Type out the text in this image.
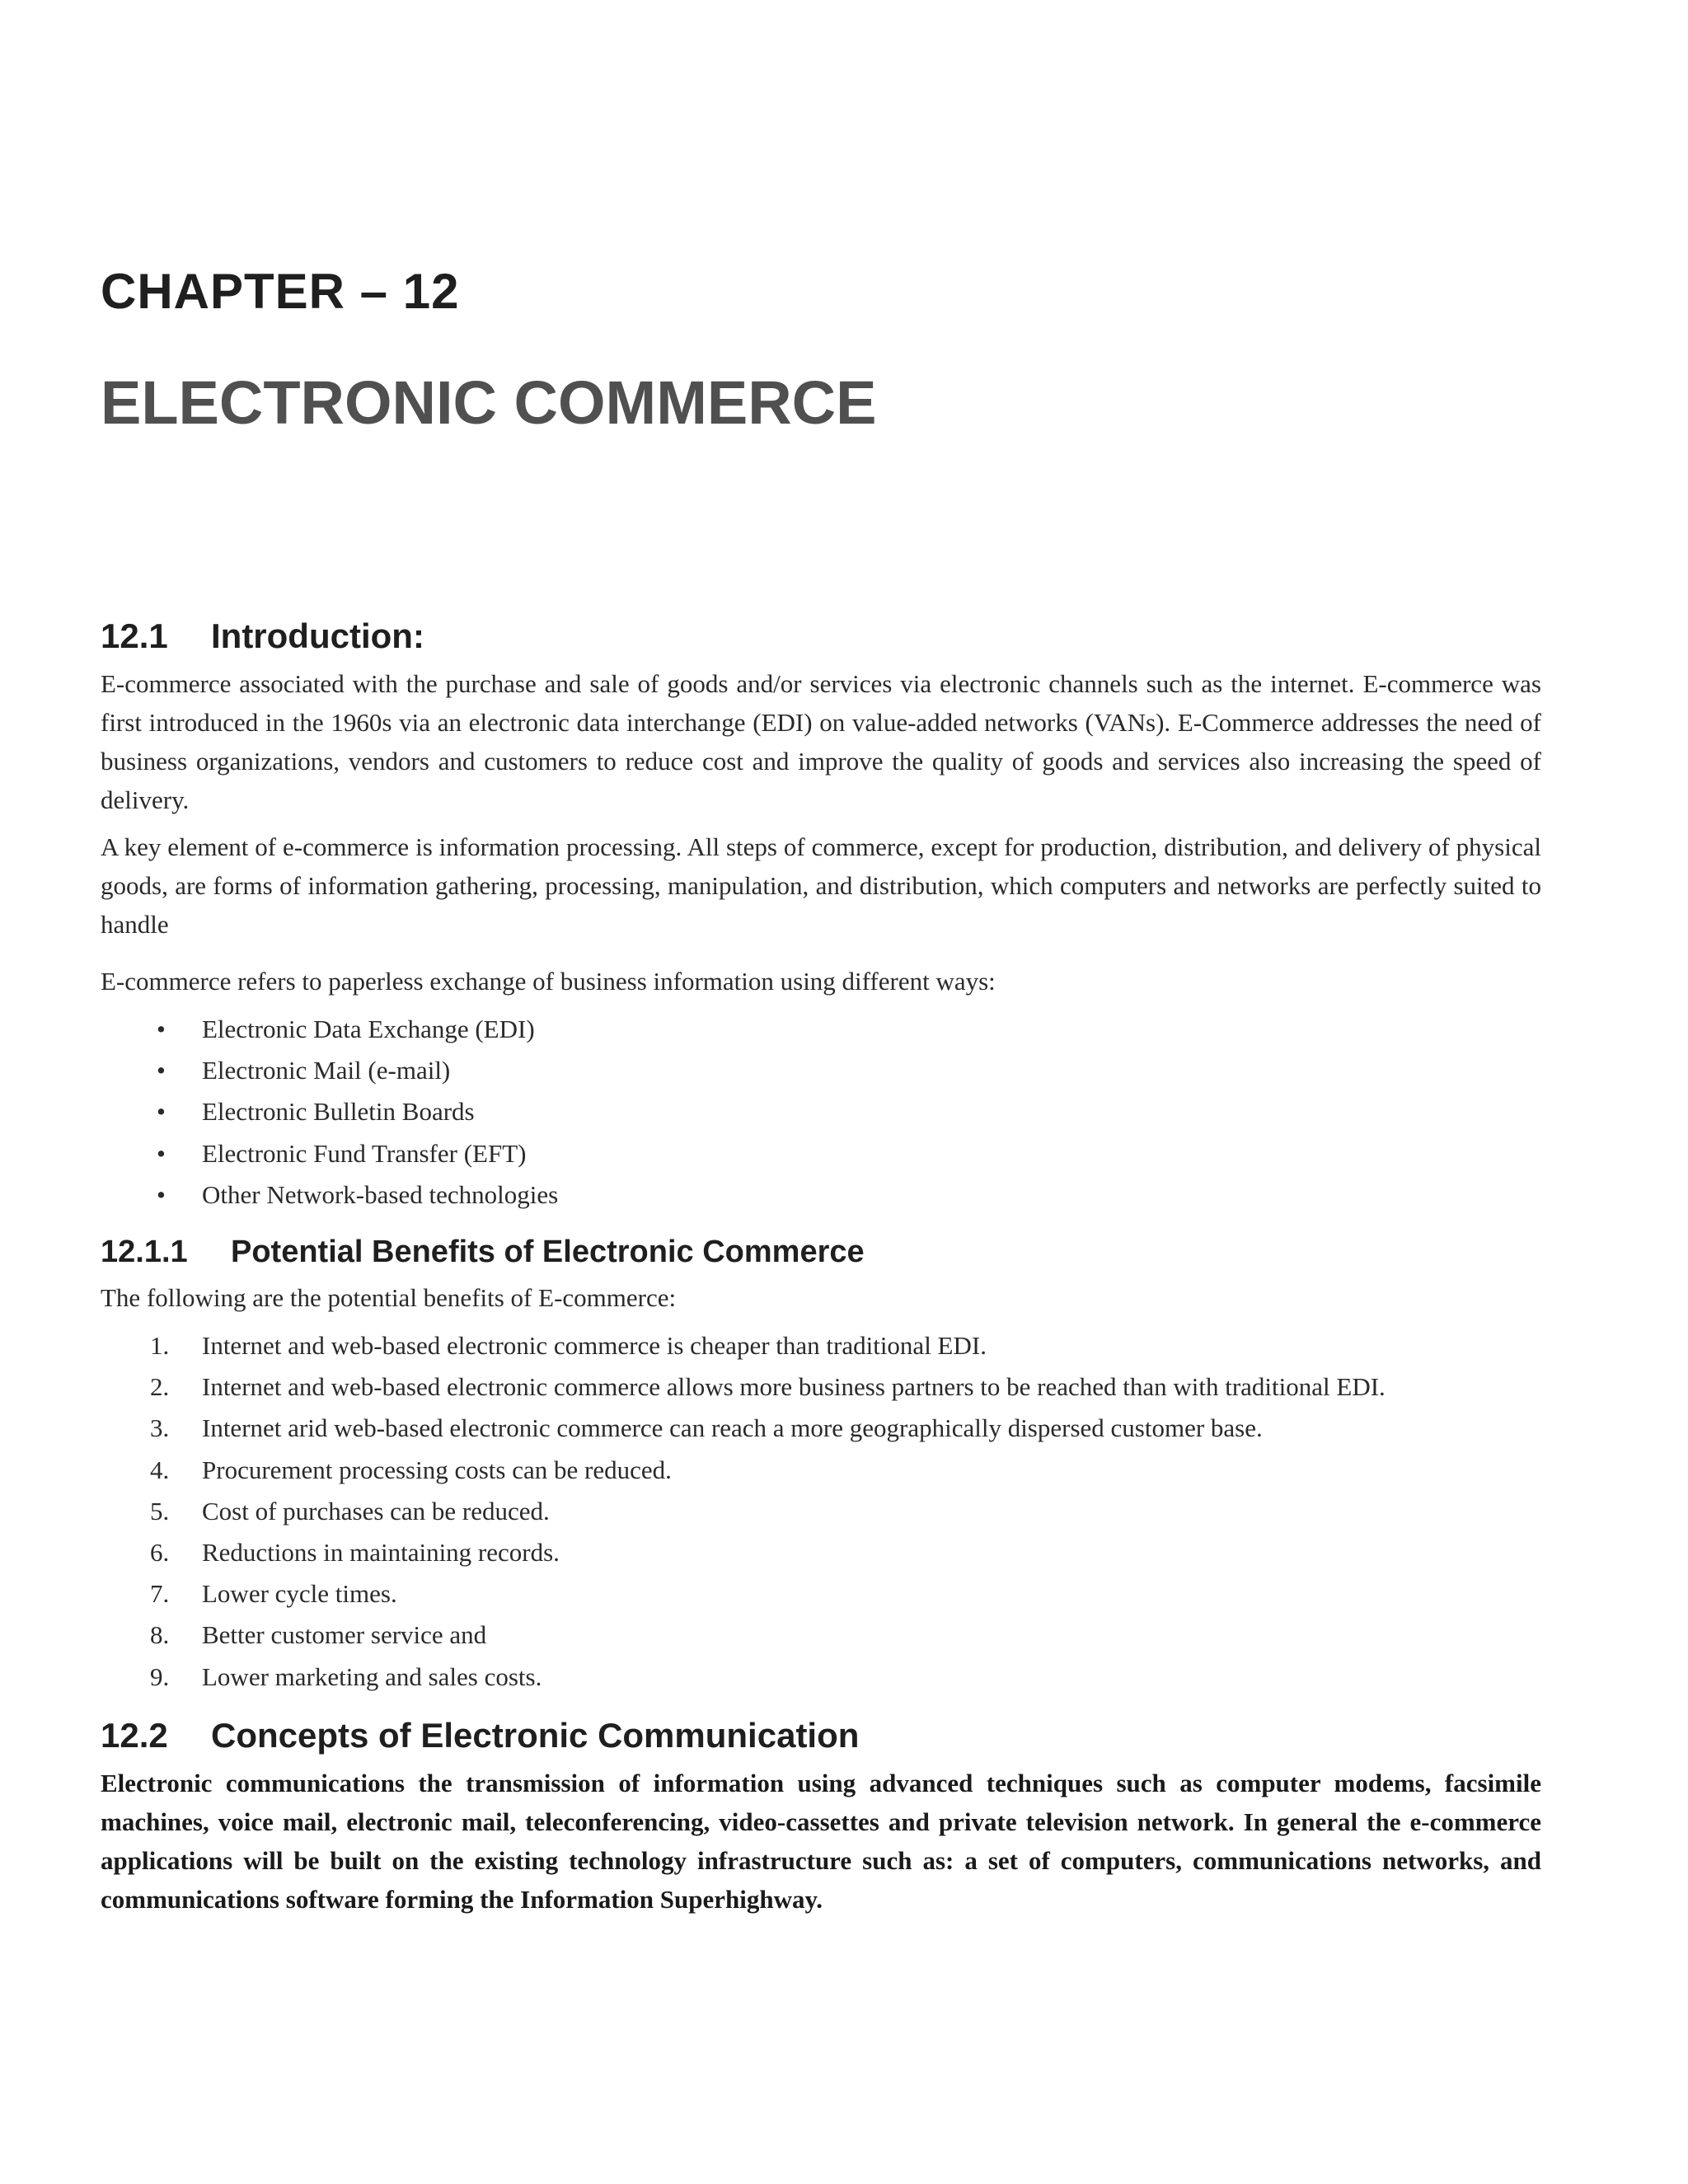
CHAPTER – 12
ELECTRONIC COMMERCE
12.1 Introduction:

E-commerce associated with the purchase and sale of goods and/or services via electronic channels such as the internet. E-commerce was first introduced in the 1960s via an electronic data interchange (EDI) on value-added networks (VANs). E-Commerce addresses the need of business organizations, vendors and customers to reduce cost and improve the quality of goods and services also increasing the speed of delivery.

A key element of e-commerce is information processing. All steps of commerce, except for production, distribution, and delivery of physical goods, are forms of information gathering, processing, manipulation, and distribution, which computers and networks are perfectly suited to handle

E-commerce refers to paperless exchange of business information using different ways:

• Electronic Data Exchange (EDI)
• Electronic Mail (e-mail)
• Electronic Bulletin Boards
• Electronic Fund Transfer (EFT)
• Other Network-based technologies
12.1.1 Potential Benefits of Electronic Commerce

The following are the potential benefits of E-commerce:

1.	Internet and web-based electronic commerce is cheaper than traditional EDI.
2.	Internet and web-based electronic commerce allows more business partners to be reached than with traditional EDI.
3.	Internet arid web-based electronic commerce can reach a more geographically dispersed customer base.
4.	Procurement processing costs can be reduced.
5.	Cost of purchases can be reduced.
6.	Reductions in maintaining records.
7.	Lower cycle times.
8.	Better customer service and
9.	Lower marketing and sales costs.
12.2 Concepts of Electronic Communication

Electronic communications the transmission of information using advanced techniques such as computer modems, facsimile machines, voice mail, electronic mail, teleconferencing, video-cassettes and private television network. In general the e-commerce applications will be built on the existing technology infrastructure such as: a set of computers, communications networks, and communications software forming the Information Superhighway.
